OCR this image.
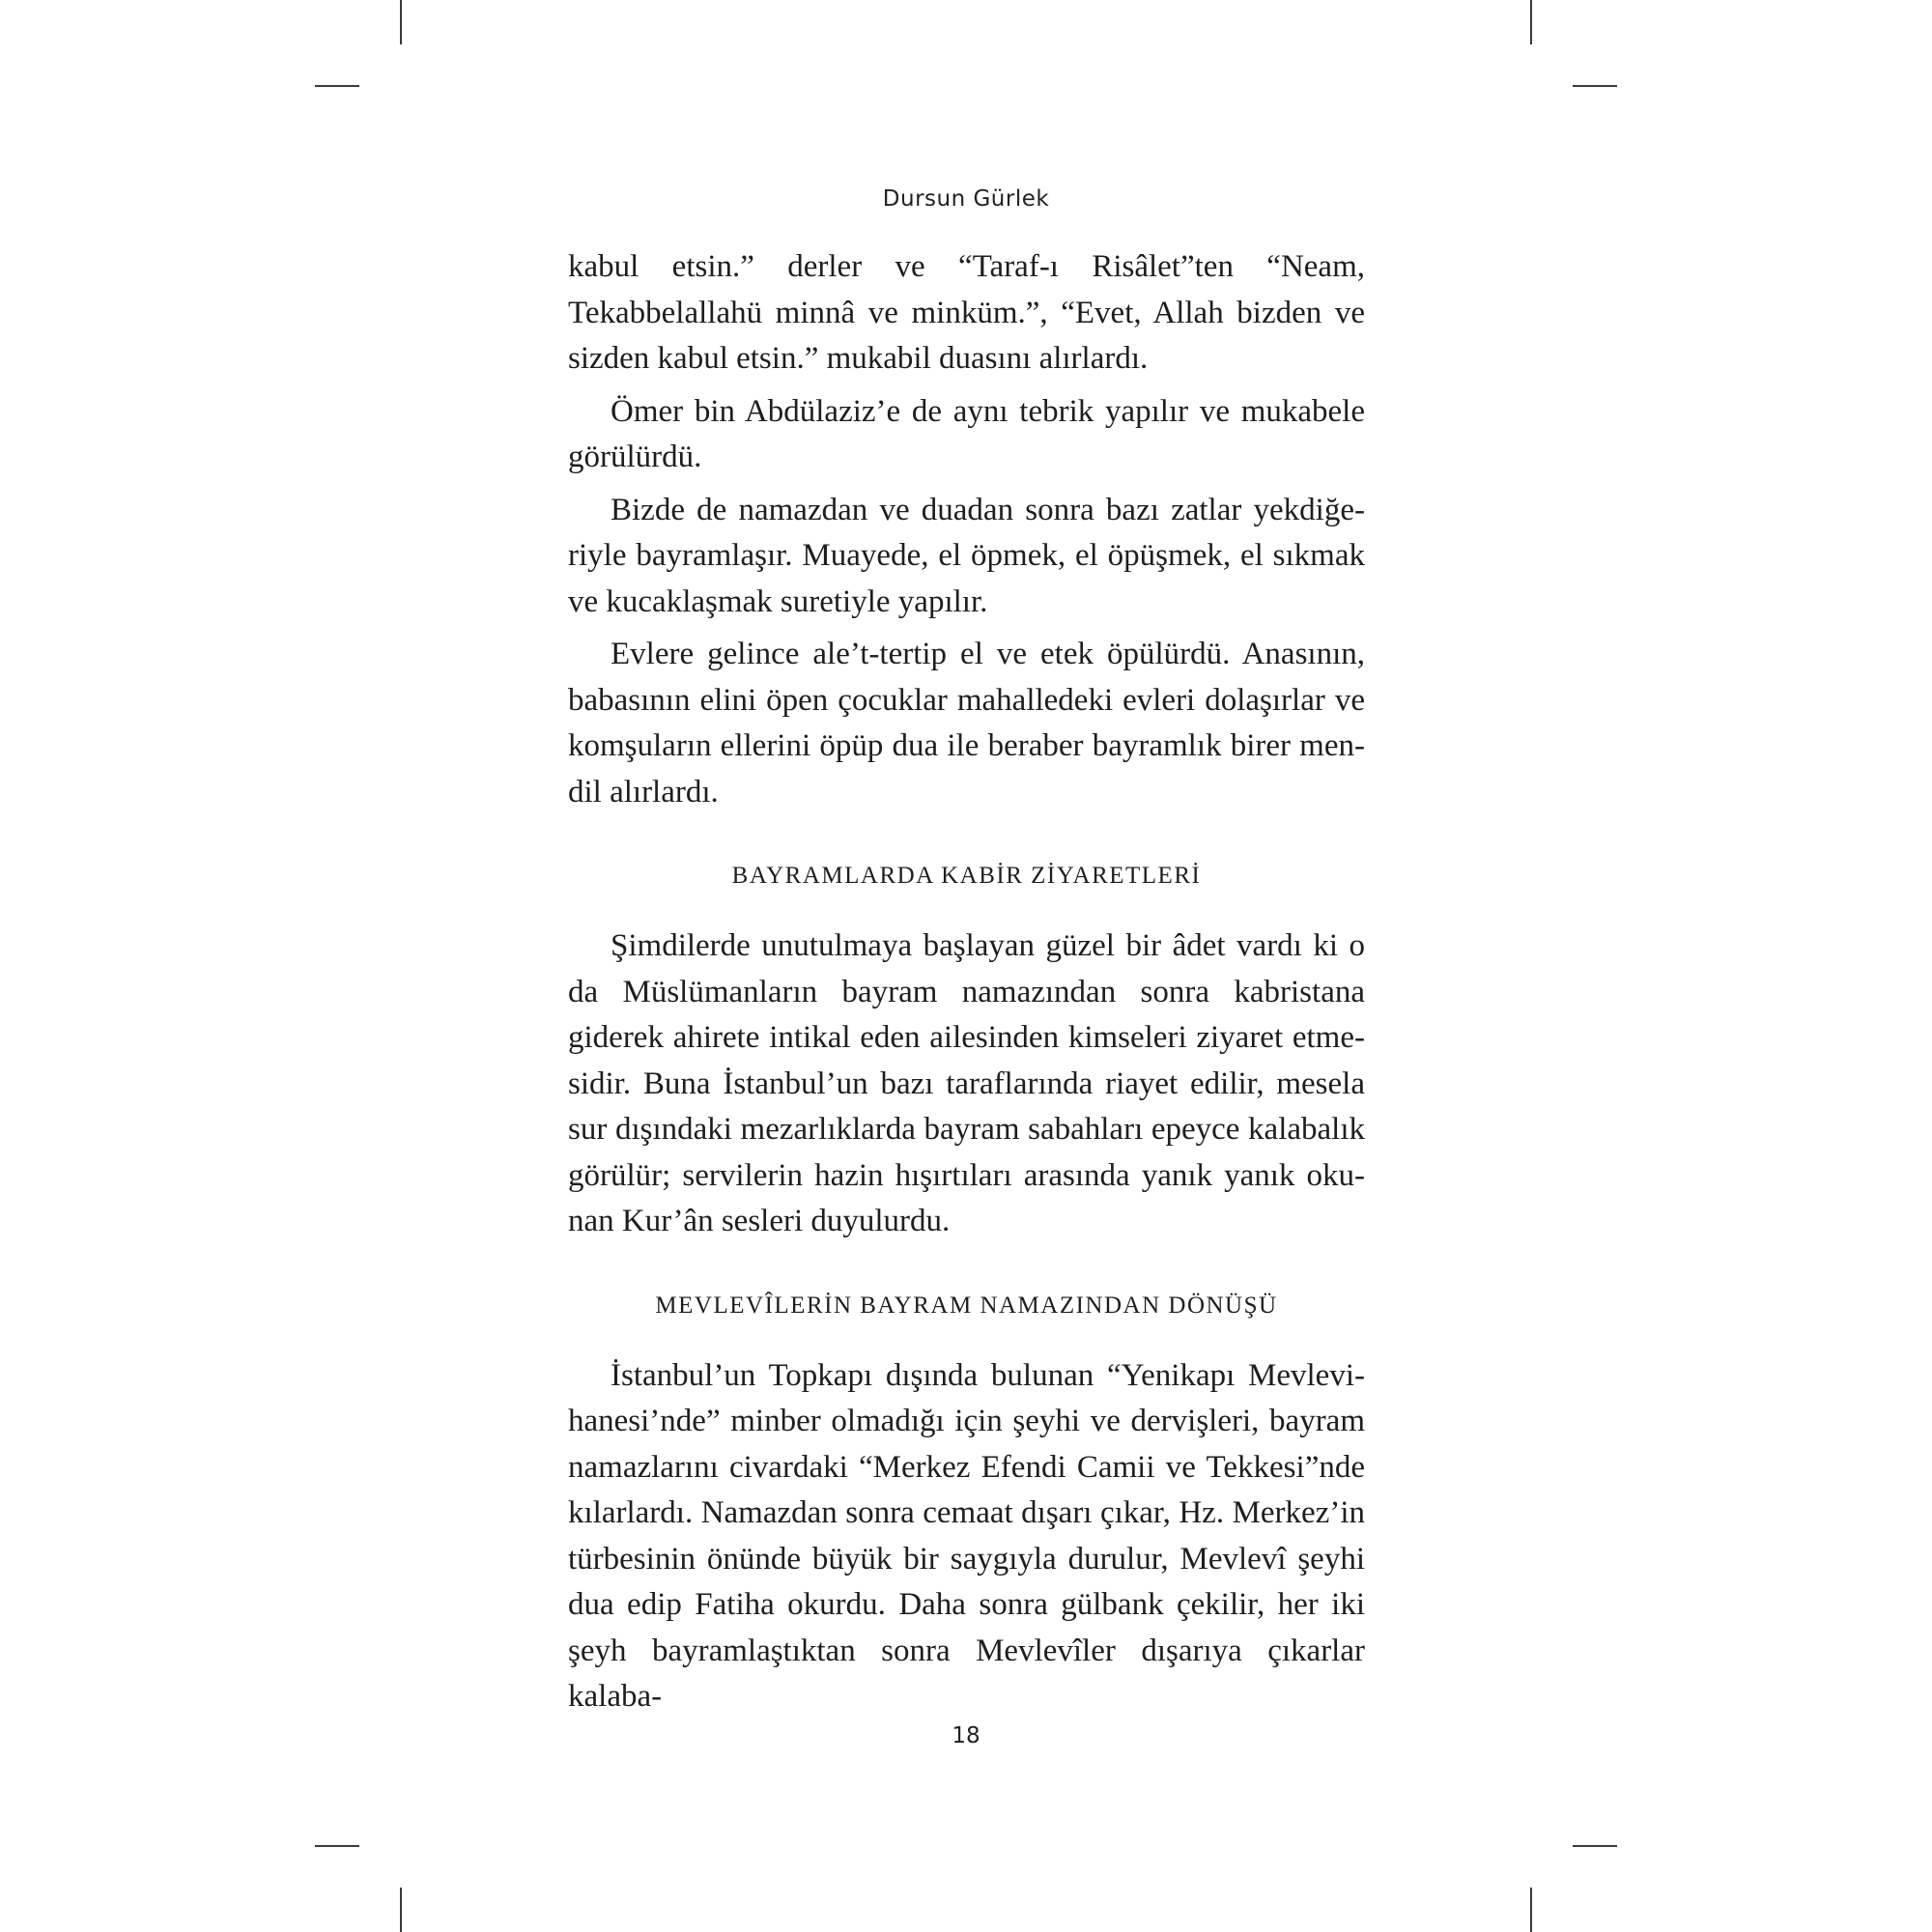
Dursun Gürlek

kabul etsin.” derler ve “Taraf-ı Risâlet”ten “Neam, Tekabbelallahü minnâ ve minküm.”, “Evet, Allah bizden ve sizden kabul etsin.” mukabil duasını alırlardı.

Ömer bin Abdülaziz’e de aynı tebrik yapılır ve mukabele görülürdü.

Bizde de namazdan ve duadan sonra bazı zatlar yekdiğeriyle bayramlaşır. Muayede, el öpmek, el öpüşmek, el sıkmak ve kucaklaşmak suretiyle yapılır.

Evlere gelince ale’t-tertip el ve etek öpülürdü. Anasının, babasının elini öpen çocuklar mahalledeki evleri dolaşırlar ve komşuların ellerini öpüp dua ile beraber bayramlık birer mendil alırlardı.

BAYRAMLARDA KABİR ZİYARETLERİ

Şimdilerde unutulmaya başlayan güzel bir âdet vardı ki o da Müslümanların bayram namazından sonra kabristana giderek ahirete intikal eden ailesinden kimseleri ziyaret etmesidir. Buna İstanbul’un bazı taraflarında riayet edilir, mesela sur dışındaki mezarlıklarda bayram sabahları epeyce kalabalık görülür; servilerin hazin hışırtıları arasında yanık yanık okunan Kur’ân sesleri duyulurdu.

MEVLEVÎLERİN BAYRAM NAMAZINDAN DÖNÜŞÜ

İstanbul’un Topkapı dışında bulunan “Yenikapı Mevlevihanesi’nde” minber olmadığı için şeyhi ve dervişleri, bayram namazlarını civardaki “Merkez Efendi Camii ve Tekkesi”nde kılarlardı. Namazdan sonra cemaat dışarı çıkar, Hz. Merkez’in türbesinin önünde büyük bir saygıyla durulur, Mevlevî şeyhi dua edip Fatiha okurdu. Daha sonra gülbank çekilir, her iki şeyh bayramlaştıktan sonra Mevlevîler dışarıya çıkarlar kalaba-

18
